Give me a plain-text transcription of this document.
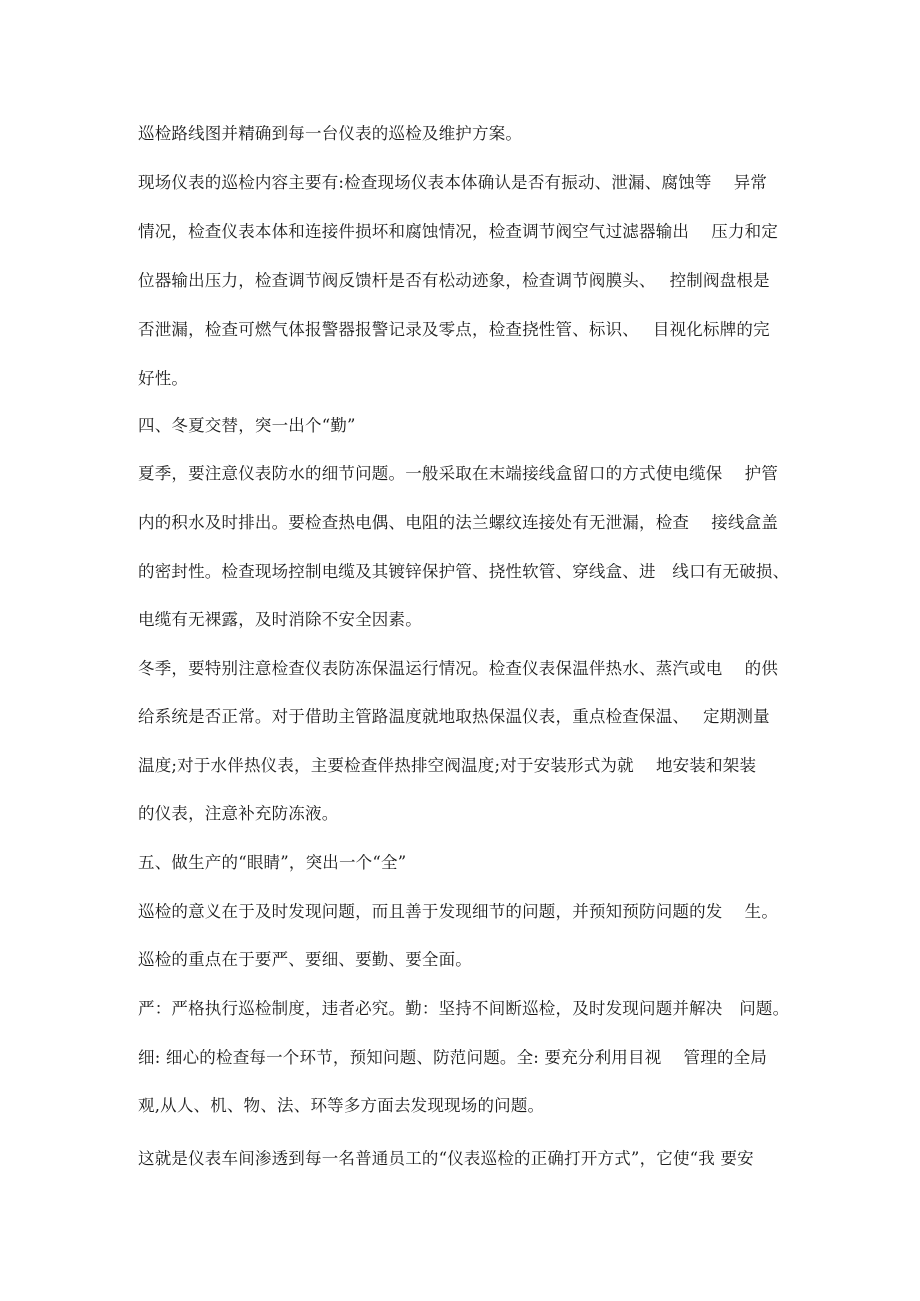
巡检路线图并精确到每一台仪表的巡检及维护方案。
现场仪表的巡检内容主要有:检查现场仪表本体确认是否有振动、泄漏、腐蚀等　 异常
情况，检查仪表本体和连接件损坏和腐蚀情况，检查调节阀空气过滤器输出　 压力和定
位器输出压力，检查调节阀反馈杆是否有松动迹象，检查调节阀膜头、　 控制阀盘根是
否泄漏，检查可燃气体报警器报警记录及零点，检查挠性管、标识、　 目视化标牌的完
好性。
四、冬夏交替，突一出个“勤”
夏季，要注意仪表防水的细节问题。一般采取在末端接线盒留口的方式使电缆保　 护管
内的积水及时排出。要检查热电偶、电阻的法兰螺纹连接处有无泄漏，检查　 接线盒盖
的密封性。检查现场控制电缆及其镀锌保护管、挠性软管、穿线盒、进　线口有无破损、
电缆有无裸露，及时消除不安全因素。
冬季，要特别注意检查仪表防冻保温运行情况。检查仪表保温伴热水、蒸汽或电　 的供
给系统是否正常。对于借助主管路温度就地取热保温仪表，重点检查保温、　 定期测量
温度;对于水伴热仪表，主要检查伴热排空阀温度;对于安装形式为就　 地安装和架装
的仪表，注意补充防冻液。
五、做生产的“眼睛”，突出一个“全”
巡检的意义在于及时发现问题，而且善于发现细节的问题，并预知预防问题的发　 生。
巡检的重点在于要严、要细、要勤、要全面。
严：严格执行巡检制度，违者必究。勤：坚持不间断巡检，及时发现问题并解决　问题。
细: 细心的检查每一个环节，预知问题、防范问题。全: 要充分利用目视　 管理的全局
观,从人、机、物、法、环等多方面去发现现场的问题。
这就是仪表车间渗透到每一名普通员工的“仪表巡检的正确打开方式”，它使“我 要安
